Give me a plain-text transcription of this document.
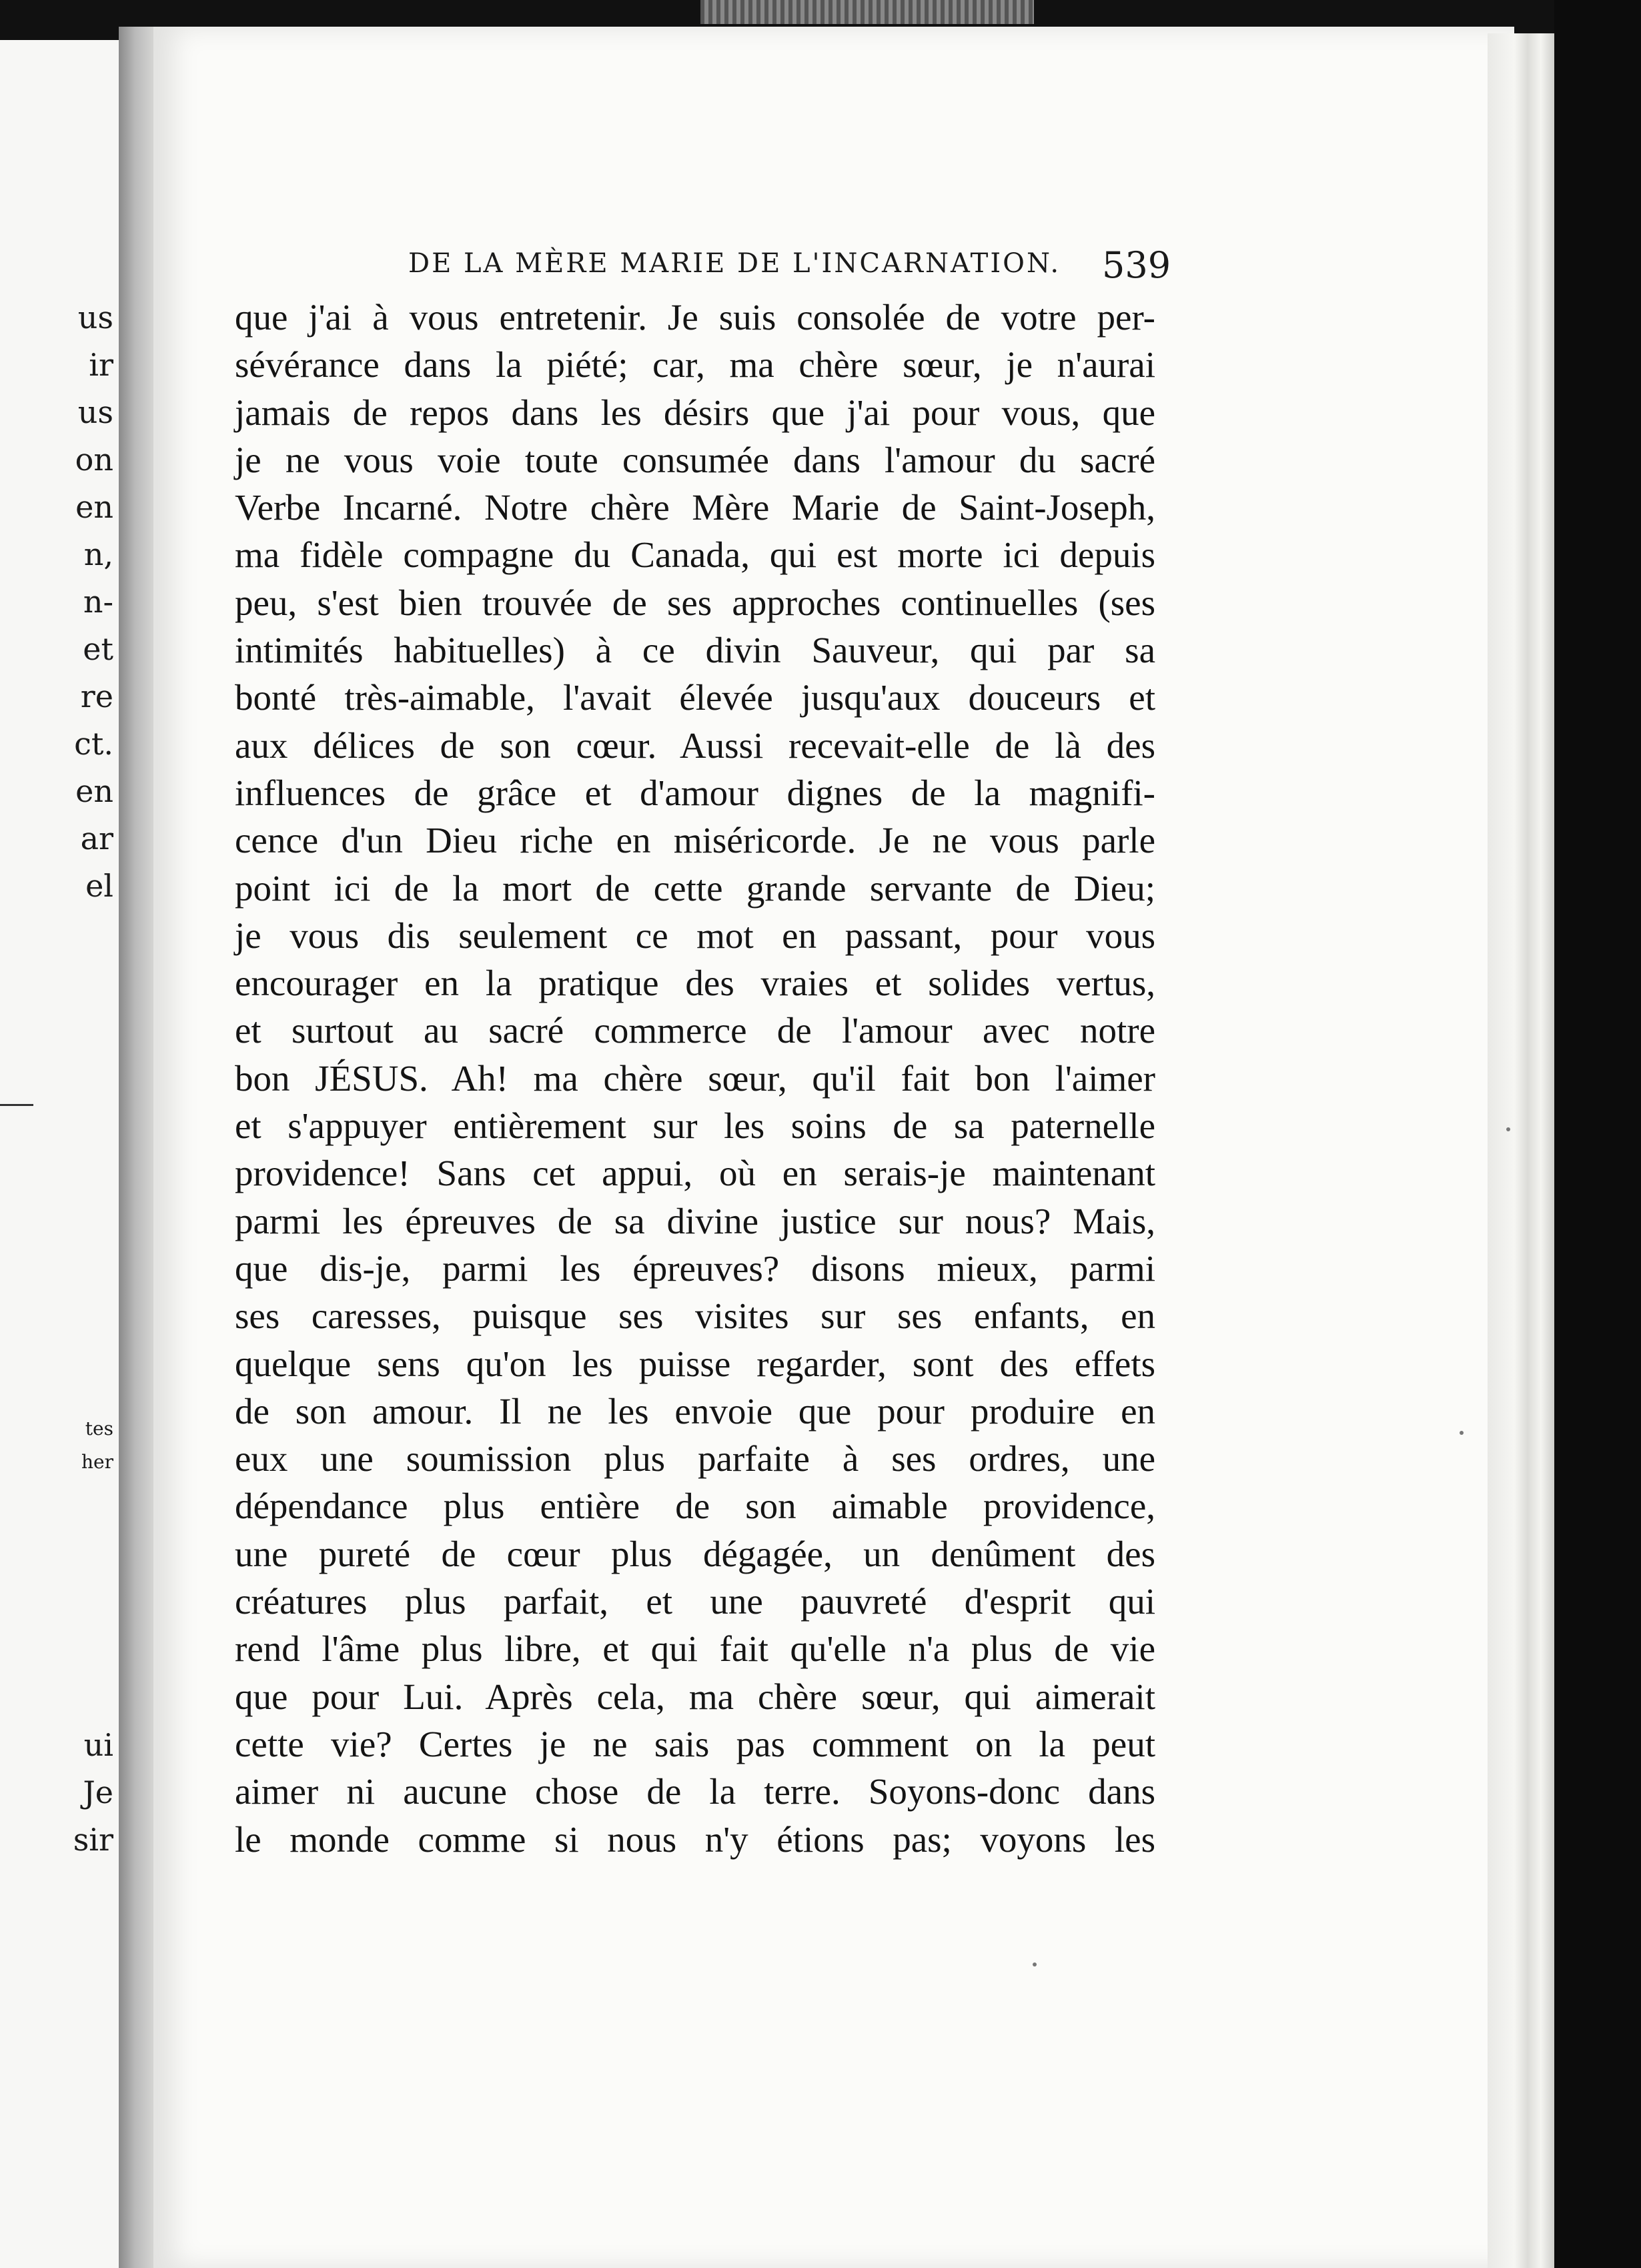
us
ir
us
on
en
n,
n-
et
re
ct.
en
ar
el
tes
her
ui
Je
sir
DE LA MÈRE MARIE DE L'INCARNATION. 539
que j'ai à vous entretenir. Je suis consolée de votre per-
sévérance dans la piété; car, ma chère sœur, je n'aurai
jamais de repos dans les désirs que j'ai pour vous, que
je ne vous voie toute consumée dans l'amour du sacré
Verbe Incarné. Notre chère Mère Marie de Saint-Joseph,
ma fidèle compagne du Canada, qui est morte ici depuis
peu, s'est bien trouvée de ses approches continuelles (ses
intimités habituelles) à ce divin Sauveur, qui par sa
bonté très-aimable, l'avait élevée jusqu'aux douceurs et
aux délices de son cœur. Aussi recevait-elle de là des
influences de grâce et d'amour dignes de la magnifi-
cence d'un Dieu riche en miséricorde. Je ne vous parle
point ici de la mort de cette grande servante de Dieu;
je vous dis seulement ce mot en passant, pour vous
encourager en la pratique des vraies et solides vertus,
et surtout au sacré commerce de l'amour avec notre
bon JÉSUS. Ah! ma chère sœur, qu'il fait bon l'aimer
et s'appuyer entièrement sur les soins de sa paternelle
providence! Sans cet appui, où en serais-je maintenant
parmi les épreuves de sa divine justice sur nous? Mais,
que dis-je, parmi les épreuves? disons mieux, parmi
ses caresses, puisque ses visites sur ses enfants, en
quelque sens qu'on les puisse regarder, sont des effets
de son amour. Il ne les envoie que pour produire en
eux une soumission plus parfaite à ses ordres, une
dépendance plus entière de son aimable providence,
une pureté de cœur plus dégagée, un denûment des
créatures plus parfait, et une pauvreté d'esprit qui
rend l'âme plus libre, et qui fait qu'elle n'a plus de vie
que pour Lui. Après cela, ma chère sœur, qui aimerait
cette vie? Certes je ne sais pas comment on la peut
aimer ni aucune chose de la terre. Soyons-donc dans
le monde comme si nous n'y étions pas; voyons les
